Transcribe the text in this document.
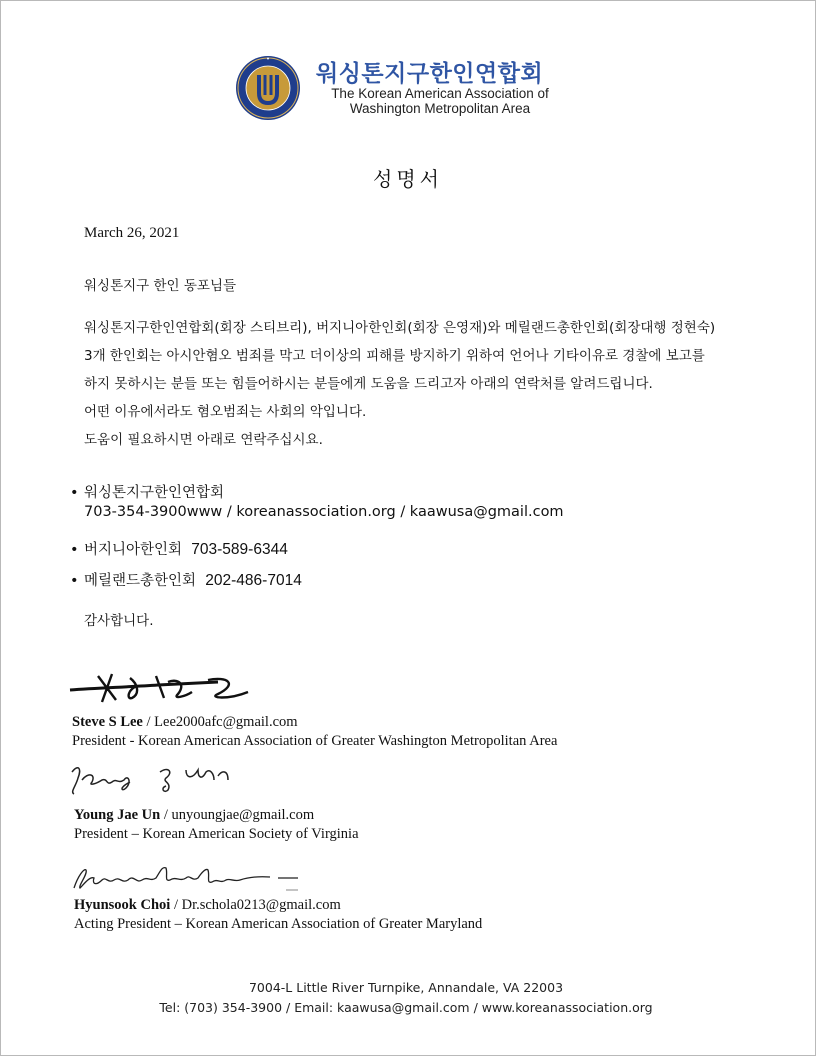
워싱톤지구한인연합회
The Korean American Association of
Washington Metropolitan Area
성명서
March 26, 2021
워싱톤지구 한인 동포님들
워싱톤지구한인연합회(회장 스티브리), 버지니아한인회(회장 은영재)와 메릴랜드총한인회(회장대행 정현숙)
3개 한인회는 아시안혐오 범죄를 막고 더이상의 피해를 방지하기 위하여 언어나 기타이유로 경찰에 보고를
하지 못하시는 분들 또는 힘들어하시는 분들에게 도움을 드리고자 아래의 연락처를 알려드립니다.
어떤 이유에서라도 혐오범죄는 사회의 악입니다.
도움이 필요하시면 아래로 연락주십시요.
• 워싱톤지구한인연합회
703-354-3900www / koreanassociation.org / kaawusa@gmail.com
• 버지니아한인회 703-589-6344
• 메릴랜드총한인회 202-486-7014
감사합니다.
Steve S Lee / Lee2000afc@gmail.com
President - Korean American Association of Greater Washington Metropolitan Area
Young Jae Un / unyoungjae@gmail.com
President – Korean American Society of Virginia
Hyunsook Choi / Dr.schola0213@gmail.com
Acting President – Korean American Association of Greater Maryland
7004-L Little River Turnpike, Annandale, VA 22003
Tel: (703) 354-3900 / Email: kaawusa@gmail.com / www.koreanassociation.org
